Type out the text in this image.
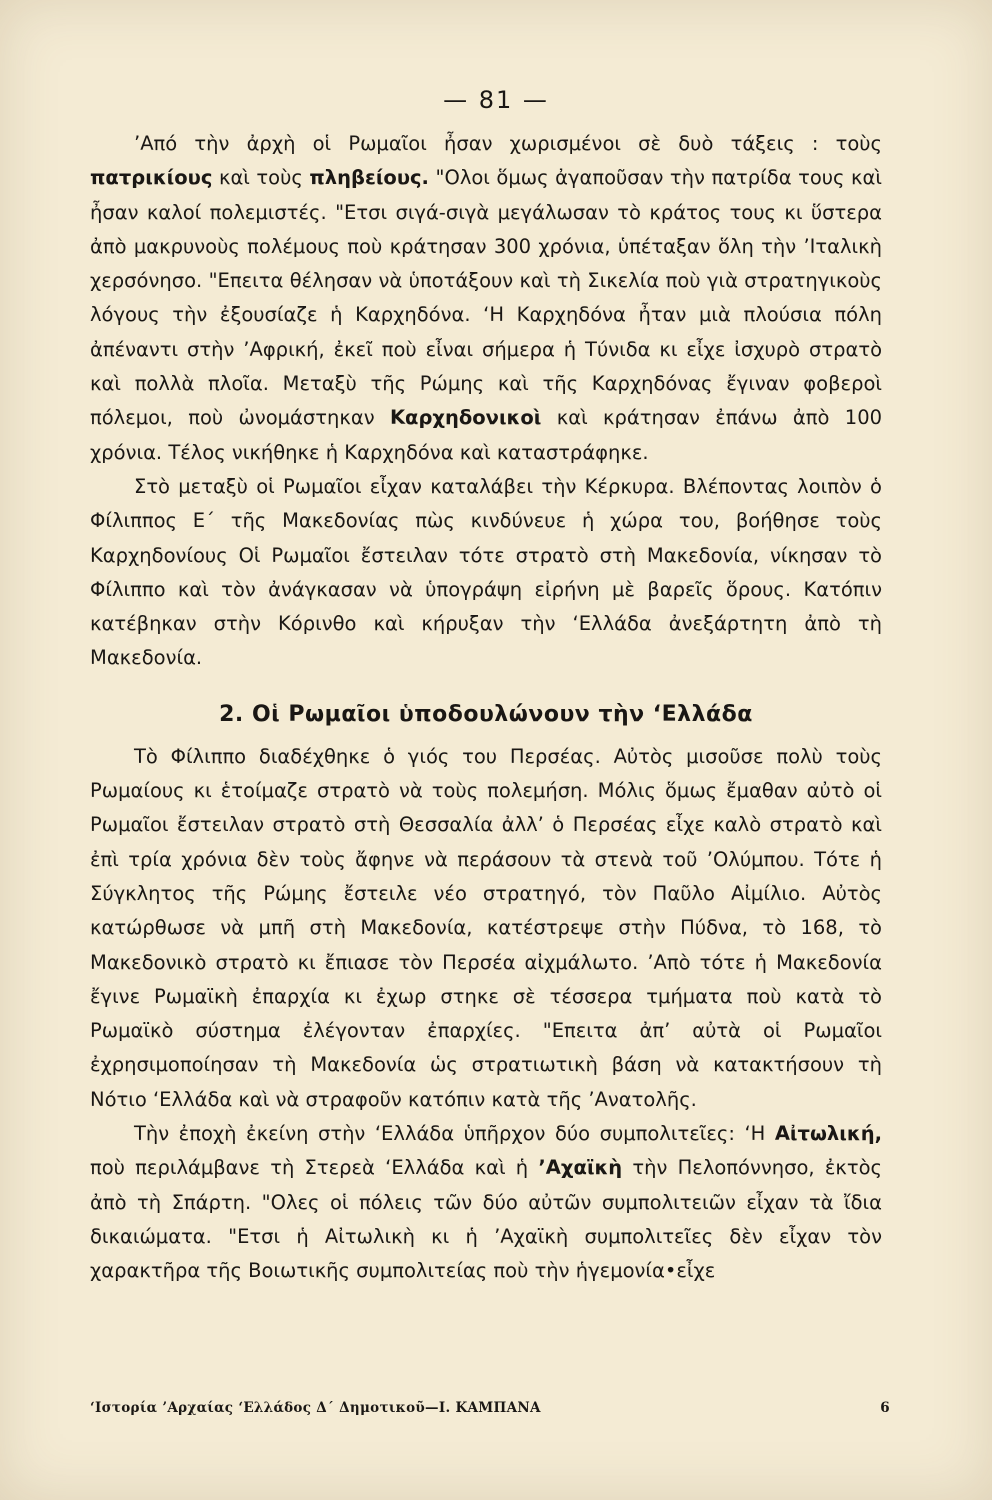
— 81 —

’Από τὴν ἀρχὴ οἱ Ρωμαῖοι ἦσαν χωρισμένοι σὲ δυὸ τάξεις : τοὺς πατρικίους καὶ τοὺς πληβείους. "Ολοι ὅμως ἀγαποῦσαν τὴν πατρίδα τους καὶ ἦσαν καλοί πολεμιστές. "Ετσι σιγά-σιγὰ μεγάλωσαν τὸ κράτος τους κι ὕστερα ἀπὸ μακρυνοὺς πολέμους ποὺ κράτησαν 300 χρόνια, ὑπέταξαν ὅλη τὴν ’Ιταλικὴ χερσόνησο. "Επειτα θέλησαν νὰ ὑποτάξουν καὶ τὴ Σικελία ποὺ γιὰ στρατηγικοὺς λόγους τὴν ἐξουσίαζε ἡ Καρχηδόνα. ‘Η Καρχηδόνα ἦταν μιὰ πλούσια πόλη ἀπέναντι στὴν ’Αφρική, ἐκεῖ ποὺ εἶναι σήμερα ἡ Τύνιδα κι εἶχε ἰσχυρὸ στρατὸ καὶ πολλὰ πλοῖα. Μεταξὺ τῆς Ρώμης καὶ τῆς Καρχηδόνας ἔγιναν φοβεροὶ πόλεμοι, ποὺ ὠνομάστηκαν Καρχηδονικοὶ καὶ κράτησαν ἐπάνω ἀπὸ 100 χρόνια. Τέλος νικήθηκε ἡ Καρχηδόνα καὶ καταστράφηκε.

Στὸ μεταξὺ οἱ Ρωμαῖοι εἶχαν καταλάβει τὴν Κέρκυρα. Βλέποντας λοιπὸν ὁ Φίλιππος Ε΄ τῆς Μακεδονίας πὼς κινδύνευε ἡ χώρα του, βοήθησε τοὺς Καρχηδονίους Οἱ Ρωμαῖοι ἔστειλαν τότε στρατὸ στὴ Μακεδονία, νίκησαν τὸ Φίλιππο καὶ τὸν ἀνάγκασαν νὰ ὑπογράψη εἰρήνη μὲ βαρεῖς ὅρους. Κατόπιν κατέβηκαν στὴν Κόρινθο καὶ κήρυξαν τὴν ‘Ελλάδα ἀνεξάρτητη ἀπὸ τὴ Μακεδονία.

2. Οἱ Ρωμαῖοι ὑποδουλώνουν τὴν ‘Ελλάδα

Τὸ Φίλιππο διαδέχθηκε ὁ γιός του Περσέας. Αὐτὸς μισοῦσε πολὺ τοὺς Ρωμαίους κι ἑτοίμαζε στρατὸ νὰ τοὺς πολεμήση. Μόλις ὅμως ἔμαθαν αὐτὸ οἱ Ρωμαῖοι ἔστειλαν στρατὸ στὴ Θεσσαλία ἀλλ’ ὁ Περσέας εἶχε καλὸ στρατὸ καὶ ἐπὶ τρία χρόνια δὲν τοὺς ἄφηνε νὰ περάσουν τὰ στενὰ τοῦ ’Ολύμπου. Τότε ἡ Σύγκλητος τῆς Ρώμης ἔστειλε νέο στρατηγό, τὸν Παῦλο Αἰμίλιο. Αὐτὸς κατώρθωσε νὰ μπῆ στὴ Μακεδονία, κατέστρεψε στὴν Πύδνα, τὸ 168, τὸ Μακεδονικὸ στρατὸ κι ἔπιασε τὸν Περσέα αἰχμάλωτο. ’Απὸ τότε ἡ Μακεδονία ἔγινε Ρωμαϊκὴ ἐπαρχία κι ἐχωρ στηκε σὲ τέσσερα τμήματα ποὺ κατὰ τὸ Ρωμαϊκὸ σύστημα ἐλέγονταν ἐπαρχίες. "Επειτα ἀπ’ αὐτὰ οἱ Ρωμαῖοι ἐχρησιμοποίησαν τὴ Μακεδονία ὡς στρατιωτικὴ βάση νὰ κατακτήσουν τὴ Νότιο ‘Ελλάδα καὶ νὰ στραφοῦν κατόπιν κατὰ τῆς ’Ανατολῆς.

Τὴν ἐποχὴ ἐκείνη στὴν ‘Ελλάδα ὑπῆρχον δύο συμπολιτεῖες: ‘Η Αἰτωλική, ποὺ περιλάμβανε τὴ Στερεὰ ‘Ελλάδα καὶ ἡ ’Αχαϊκὴ τὴν Πελοπόννησο, ἐκτὸς ἀπὸ τὴ Σπάρτη. "Ολες οἱ πόλεις τῶν δύο αὐτῶν συμπολιτειῶν εἶχαν τὰ ἴδια δικαιώματα. "Ετσι ἡ Αἰτωλικὴ κι ἡ ’Αχαϊκὴ συμπολιτεῖες δὲν εἶχαν τὸν χαρακτῆρα τῆς Βοιωτικῆς συμπολιτείας ποὺ τὴν ἡγεμονία•εἶχε

‘Ιστορία ’Αρχαίας ‘Ελλάδος Δ΄ Δημοτικοῦ—Ι. ΚΑΜΠΑΝΑ	6
